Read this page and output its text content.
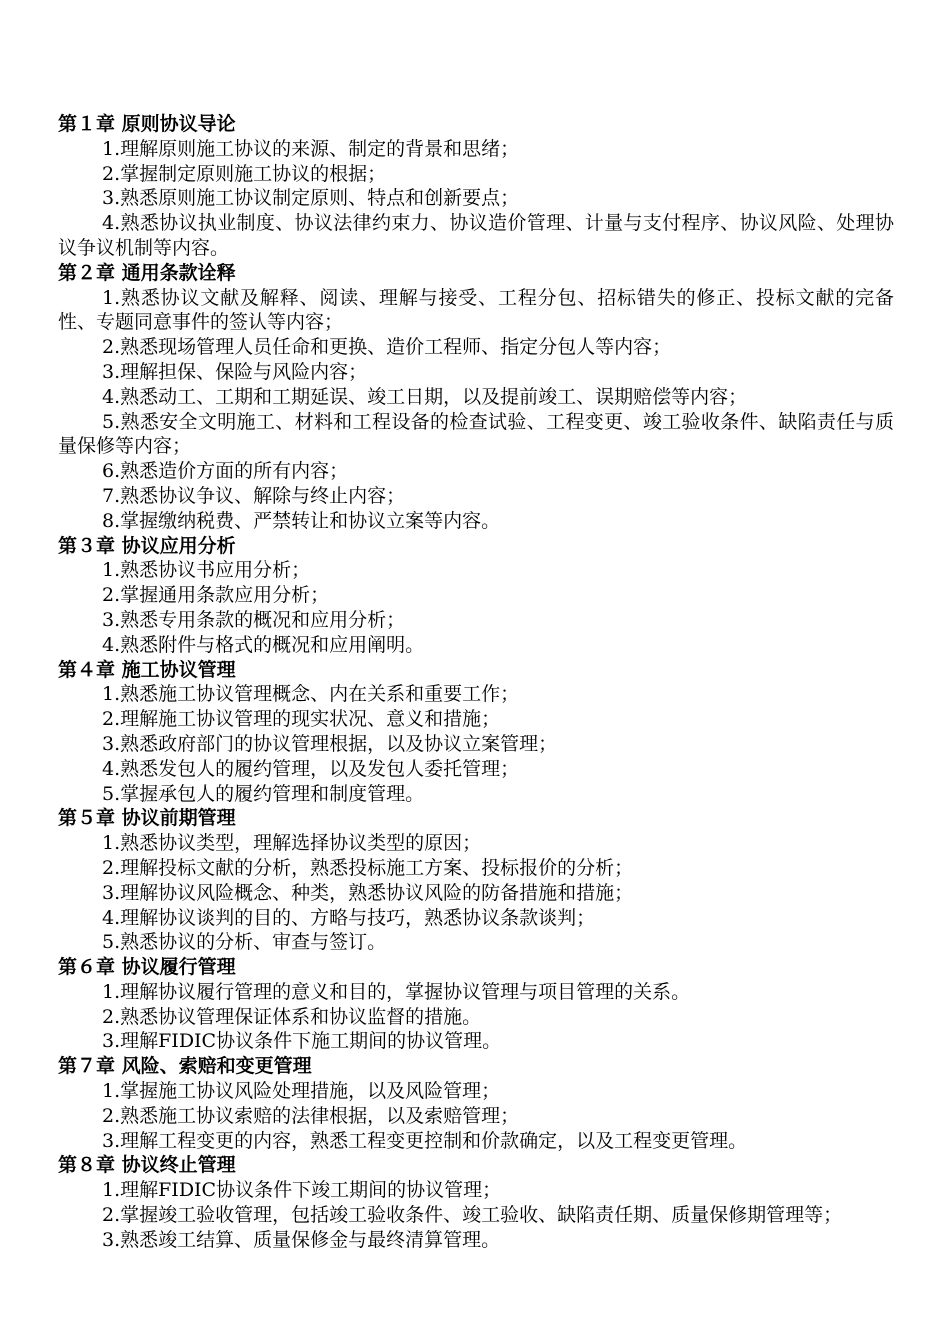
第１章 原则协议导论

1.理解原则施工协议的来源、制定的背景和思绪；

2.掌握制定原则施工协议的根据；

3.熟悉原则施工协议制定原则、特点和创新要点；

4.熟悉协议执业制度、协议法律约束力、协议造价管理、计量与支付程序、协议风险、处理协议争议机制等内容。

第２章 通用条款诠释

1.熟悉协议文献及解释、阅读、理解与接受、工程分包、招标错失的修正、投标文献的完备性、专题同意事件的签认等内容；

2.熟悉现场管理人员任命和更换、造价工程师、指定分包人等内容；

3.理解担保、保险与风险内容；

4.熟悉动工、工期和工期延误、竣工日期，以及提前竣工、误期赔偿等内容；

5.熟悉安全文明施工、材料和工程设备的检查试验、工程变更、竣工验收条件、缺陷责任与质量保修等内容；

6.熟悉造价方面的所有内容；

7.熟悉协议争议、解除与终止内容；

8.掌握缴纳税费、严禁转让和协议立案等内容。

第３章 协议应用分析

1.熟悉协议书应用分析；

2.掌握通用条款应用分析；

3.熟悉专用条款的概况和应用分析；

4.熟悉附件与格式的概况和应用阐明。

第４章 施工协议管理

1.熟悉施工协议管理概念、内在关系和重要工作；

2.理解施工协议管理的现实状况、意义和措施；

3.熟悉政府部门的协议管理根据，以及协议立案管理；

4.熟悉发包人的履约管理，以及发包人委托管理；

5.掌握承包人的履约管理和制度管理。

第５章 协议前期管理

1.熟悉协议类型，理解选择协议类型的原因；

2.理解投标文献的分析，熟悉投标施工方案、投标报价的分析；

3.理解协议风险概念、种类，熟悉协议风险的防备措施和措施；

4.理解协议谈判的目的、方略与技巧，熟悉协议条款谈判；

5.熟悉协议的分析、审查与签订。

第６章 协议履行管理

1.理解协议履行管理的意义和目的，掌握协议管理与项目管理的关系。

2.熟悉协议管理保证体系和协议监督的措施。

3.理解FIDIC协议条件下施工期间的协议管理。

第７章 风险、索赔和变更管理

1.掌握施工协议风险处理措施，以及风险管理；

2.熟悉施工协议索赔的法律根据，以及索赔管理；

3.理解工程变更的内容，熟悉工程变更控制和价款确定，以及工程变更管理。

第８章 协议终止管理

1.理解FIDIC协议条件下竣工期间的协议管理；

2.掌握竣工验收管理，包括竣工验收条件、竣工验收、缺陷责任期、质量保修期管理等；

3.熟悉竣工结算、质量保修金与最终清算管理。
